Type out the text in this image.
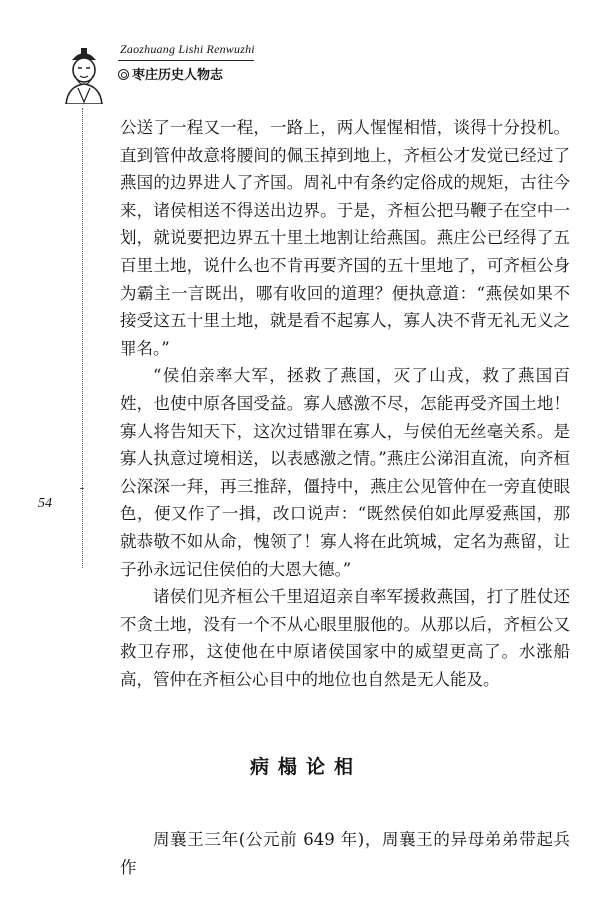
Zaozhuang Lishi Renwuzhi
枣庄历史人物志
54

公送了一程又一程，一路上，两人惺惺相惜，谈得十分投机。直到管仲故意将腰间的佩玉掉到地上，齐桓公才发觉已经过了燕国的边界进人了齐国。周礼中有条约定俗成的规矩，古往今来，诸侯相送不得送出边界。于是，齐桓公把马鞭子在空中一划，就说要把边界五十里土地割让给燕国。燕庄公已经得了五百里土地，说什么也不肯再要齐国的五十里地了，可齐桓公身为霸主一言既出，哪有收回的道理？便执意道：“燕侯如果不接受这五十里土地，就是看不起寡人，寡人决不背无礼无义之罪名。”

“侯伯亲率大军，拯救了燕国，灭了山戎，救了燕国百姓，也使中原各国受益。寡人感激不尽，怎能再受齐国土地！寡人将告知天下，这次过错罪在寡人，与侯伯无丝毫关系。是寡人执意过境相送，以表感激之情。”燕庄公涕泪直流，向齐桓公深深一拜，再三推辞，僵持中，燕庄公见管仲在一旁直使眼色，便又作了一揖，改口说声：“既然侯伯如此厚爱燕国，那就恭敬不如从命，愧领了！寡人将在此筑城，定名为燕留，让子孙永远记住侯伯的大恩大德。”

诸侯们见齐桓公千里迢迢亲自率军援救燕国，打了胜仗还不贪土地，没有一个不从心眼里服他的。从那以后，齐桓公又救卫存邢，这使他在中原诸侯国家中的威望更高了。水涨船高，管仲在齐桓公心目中的地位也自然是无人能及。

病榻论相

周襄王三年(公元前 649 年)，周襄王的异母弟弟带起兵作
